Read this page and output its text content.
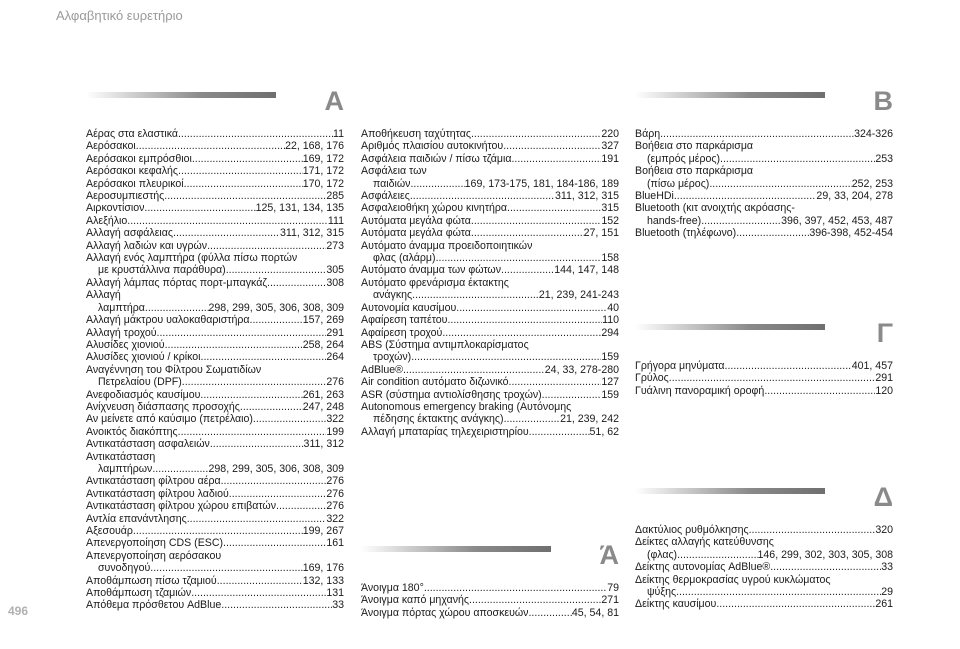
Αλφαβητικό ευρετήριο
A
Αέρας στα ελαστικά .....	11
Αερόσακοι .....	22, 168, 176
Αερόσακοι εμπρόσθιοι .....	169, 172
Αερόσακοι κεφαλής .....	171, 172
Αερόσακοι πλευρικοί .....	170, 172
Αεροσυμπιεστής .....	285
Αιρκοντίσιον .....	125, 131, 134, 135
Αλεξήλιο .....	111
Αλλαγή ασφάλειας .....	311, 312, 315
Αλλαγή λαδιών και υγρών .....	273
Αλλαγή ενός λαμπτήρα (φύλλα πίσω πορτών
με κρυστάλλινα παράθυρα) .....	305
Αλλαγή λάμπας πόρτας πορτ-μπαγκάζ .....	308
Αλλαγή
λαμπτήρα .....	298, 299, 305, 306, 308, 309
Αλλαγή μάκτρου υαλοκαθαριστήρα .....	157, 269
Αλλαγή τροχού .....	291
Αλυσίδες χιονιού .....	258, 264
Αλυσίδες χιονιού / κρίκοι .....	264
Αναγέννηση του Φίλτρου Σωματιδίων
Πετρελαίου (DPF) .....	276
Ανεφοδιασμός καυσίμου .....	261, 263
Ανίχνευση διάσπασης προσοχής .....	247, 248
Αν μείνετε από καύσιμο (πετρέλαιο) .....	322
Ανοικτός διακόπτης .....	199
Αντικατάσταση ασφαλειών .....	311, 312
Αντικατάσταση
λαμπτήρων .....	298, 299, 305, 306, 308, 309
Αντικατάσταση φίλτρου αέρα .....	276
Αντικατάσταση φίλτρου λαδιού .....	276
Αντικατάσταση φίλτρου χώρου επιβατών .....	276
Αντλία επανάντλησης .....	322
Αξεσουάρ .....	199, 267
Απενεργοποίηση CDS (ESC) .....	161
Απενεργοποίηση αερόσακου
συνοδηγού .....	169, 176
Αποθάμπωση πίσω τζαμιού .....	132, 133
Αποθάμπωση τζαμιών .....	131
Απόθεμα πρόσθετου AdBlue .....	33
Αποθήκευση ταχύτητας .....	220
Αριθμός πλαισίου αυτοκινήτου .....	327
Ασφάλεια παιδιών / πίσω τζάμια .....	191
Ασφάλεια των
παιδιών .....	169, 173-175, 181, 184-186, 189
Ασφάλειες .....	311, 312, 315
Ασφαλειοθήκη χώρου κινητήρα .....	315
Αυτόματα μεγάλα φώτα .....	152
Αυτόματα μεγάλα φώτα .....	27, 151
Αυτόματο άναμμα προειδοποιητικών
φλας (αλάρμ) .....	158
Αυτόματο άναμμα των φώτων .....	144, 147, 148
Αυτόματο φρενάρισμα έκτακτης
ανάγκης .....	21, 239, 241-243
Αυτονομία καυσίμου .....	40
Αφαίρεση ταπέτου .....	110
Αφαίρεση τροχού .....	294
ABS (Σύστημα αντιμπλοκαρίσματος
τροχών) .....	159
AdBlue® .....	24, 33, 278-280
Air condition αυτόματο διζωνικό .....	127
ASR (σύστημα αντιολίσθησης τροχών) .....	159
Autonomous emergency braking (Αυτόνομης
πέδησης έκτακτης ανάγκης) .....	21, 239, 242
Αλλαγή μπαταρίας τηλεχειριστηρίου .....	51, 62
Ά
Άνοιγμα 180° .....	79
Άνοιγμα καπό μηχανής .....	271
Άνοιγμα πόρτας χώρου αποσκευών .....	45, 54, 81
B
Βάρη .....	324-326
Βοήθεια στο παρκάρισμα
(εμπρός μέρος) .....	253
Βοήθεια στο παρκάρισμα
(πίσω μέρος) .....	252, 253
BlueHDi .....	29, 33, 204, 278
Bluetooth (κιτ ανοιχτής ακρόασης-
hands-free) .....	396, 397, 452, 453, 487
Bluetooth (τηλέφωνο) .....	396-398, 452-454
Γ
Γρήγορα μηνύματα .....	401, 457
Γρύλος .....	291
Γυάλινη πανοραμική οροφή .....	120
Δ
Δακτύλιος ρυθμόλκησης .....	320
Δείκτες αλλαγής κατεύθυνσης
(φλας) .....	146, 299, 302, 303, 305, 308
Δείκτης αυτονομίας AdBlue® .....	33
Δείκτης θερμοκρασίας υγρού κυκλώματος
ψύξης .....	29
Δείκτης καυσίμου .....	261
496
